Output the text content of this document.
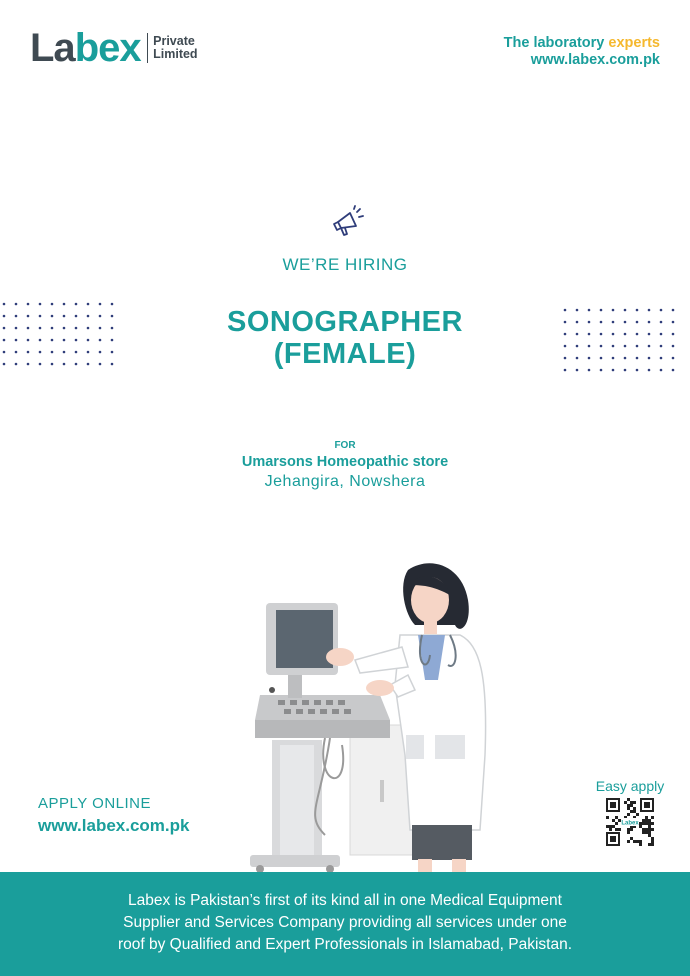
La bex Private
Limited
The laboratory experts
www.labex.com.pk
WE’RE HIRING
SONOGRAPHER
(FEMALE)
FOR
Umarsons Homeopathic store
Jehangira, Nowshera
APPLY ONLINE
www.labex.com.pk
Easy apply
Labex

Labex is Pakistan’s first of its kind all in one Medical Equipment
Supplier and Services Company providing all services under one
roof by Qualified and Expert Professionals in Islamabad, Pakistan.
